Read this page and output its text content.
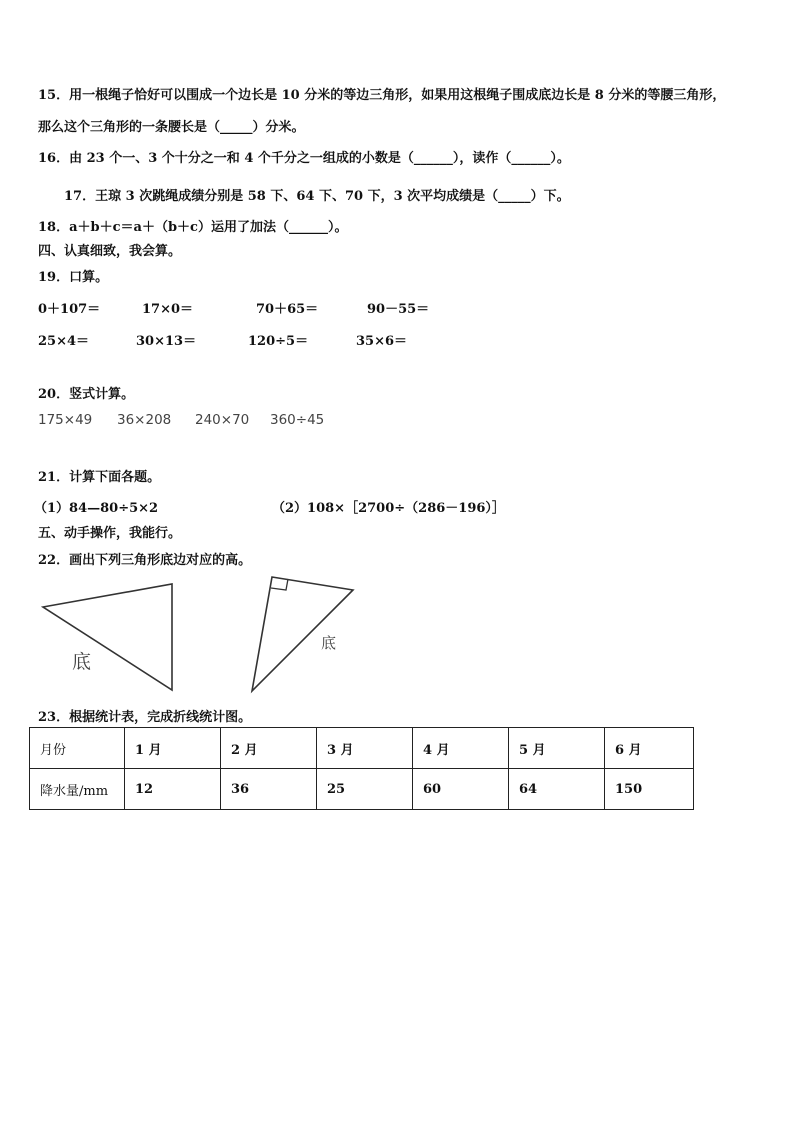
15．用一根绳子恰好可以围成一个边长是 10 分米的等边三角形，如果用这根绳子围成底边长是 8 分米的等腰三角形，
那么这个三角形的一条腰长是（_____）分米。
16．由 23 个一、3 个十分之一和 4 个千分之一组成的小数是（______），读作（______）。
17．王琼 3 次跳绳成绩分别是 58 下、64 下、70 下，3 次平均成绩是（_____）下。
18．a＋b＋c＝a＋（b＋c）运用了加法（______）。
四、认真细致，我会算。
19．口算。
0＋107＝	17×0＝	70＋65＝	90－55＝
25×4＝	30×13＝	120÷5＝	35×6＝
20．竖式计算。
175×49 36×208 240×70 360÷45
21．计算下面各题。
（1）84—80÷5×2	（2）108×［2700÷（286－196）］
五、动手操作，我能行。
22．画出下列三角形底边对应的高。
底
底
23．根据统计表，完成折线统计图。
月份	1 月	2 月	3 月	4 月	5 月	6 月
降水量/mm	12	36	25	60	64	150
